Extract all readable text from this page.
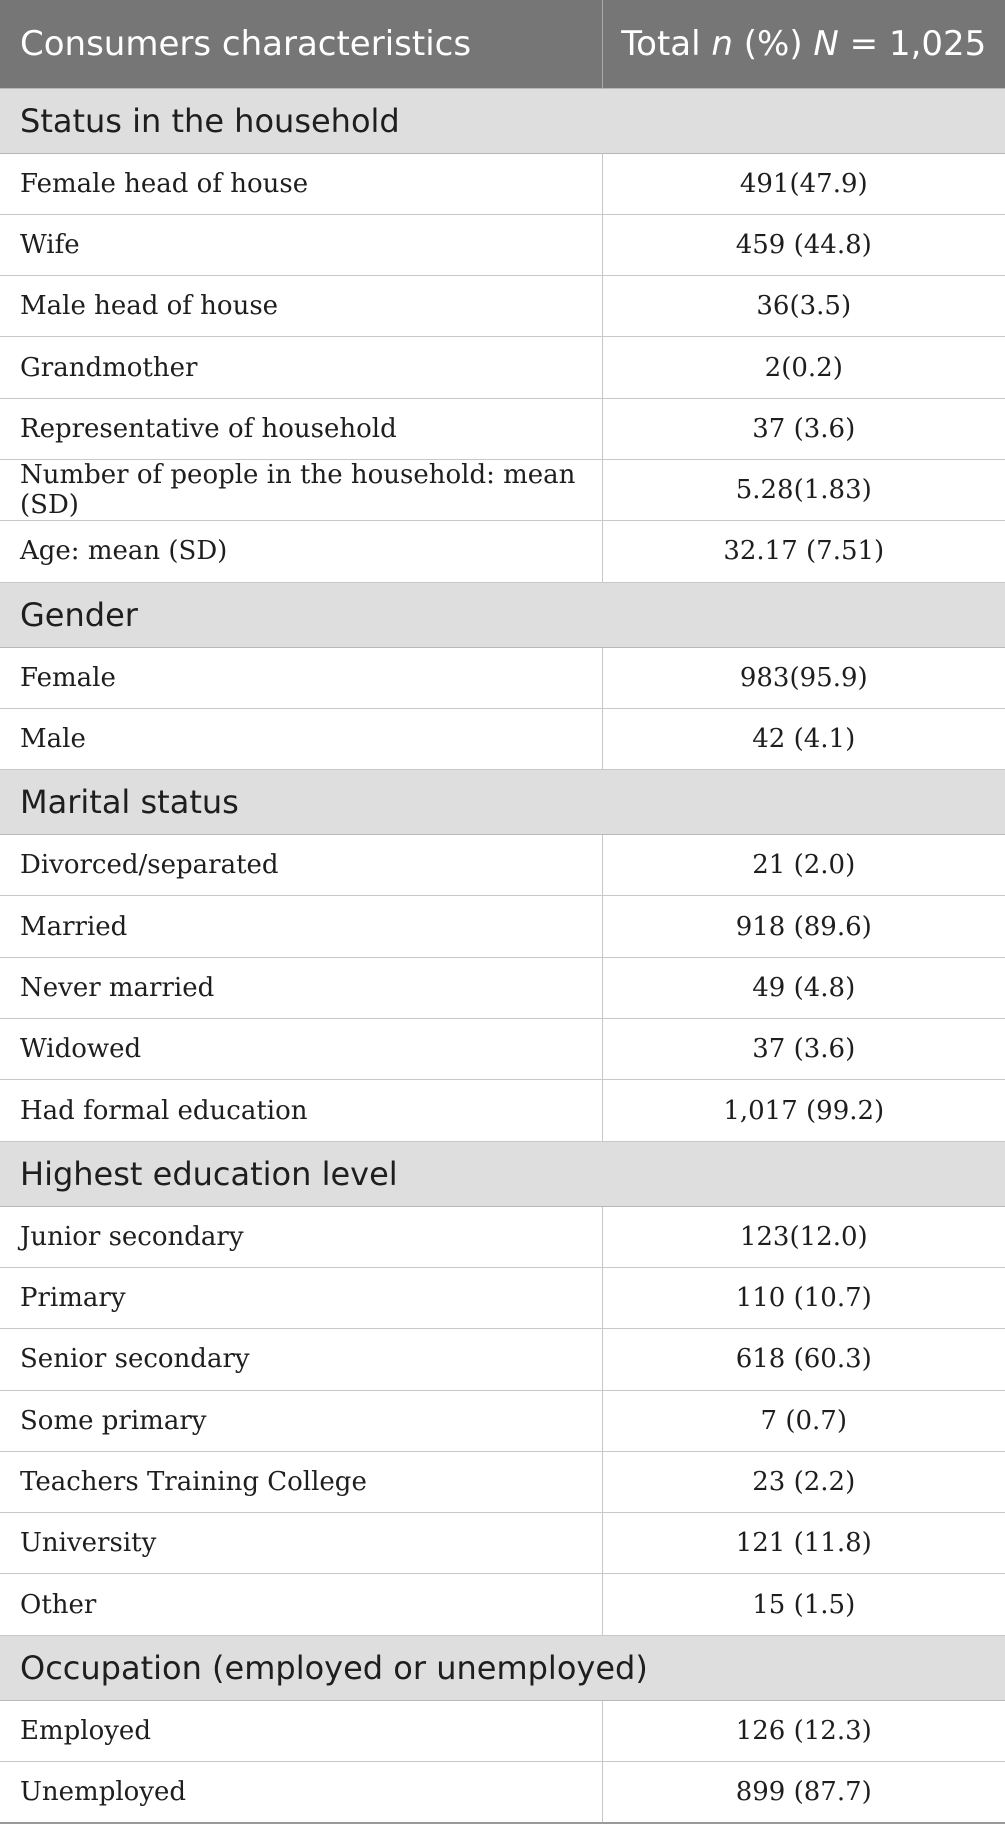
Consumers characteristics	Total n (%) N = 1,025
Status in the household	
Female head of house	491(47.9)
Wife	459 (44.8)
Male head of house	36(3.5)
Grandmother	2(0.2)
Representative of household	37 (3.6)
Number of people in the household: mean (SD)	5.28(1.83)
Age: mean (SD)	32.17 (7.51)
Gender	
Female	983(95.9)
Male	42 (4.1)
Marital status	
Divorced/separated	21 (2.0)
Married	918 (89.6)
Never married	49 (4.8)
Widowed	37 (3.6)
Had formal education	1,017 (99.2)
Highest education level	
Junior secondary	123(12.0)
Primary	110 (10.7)
Senior secondary	618 (60.3)
Some primary	7 (0.7)
Teachers Training College	23 (2.2)
University	121 (11.8)
Other	15 (1.5)
Occupation (employed or unemployed)	
Employed	126 (12.3)
Unemployed	899 (87.7)
